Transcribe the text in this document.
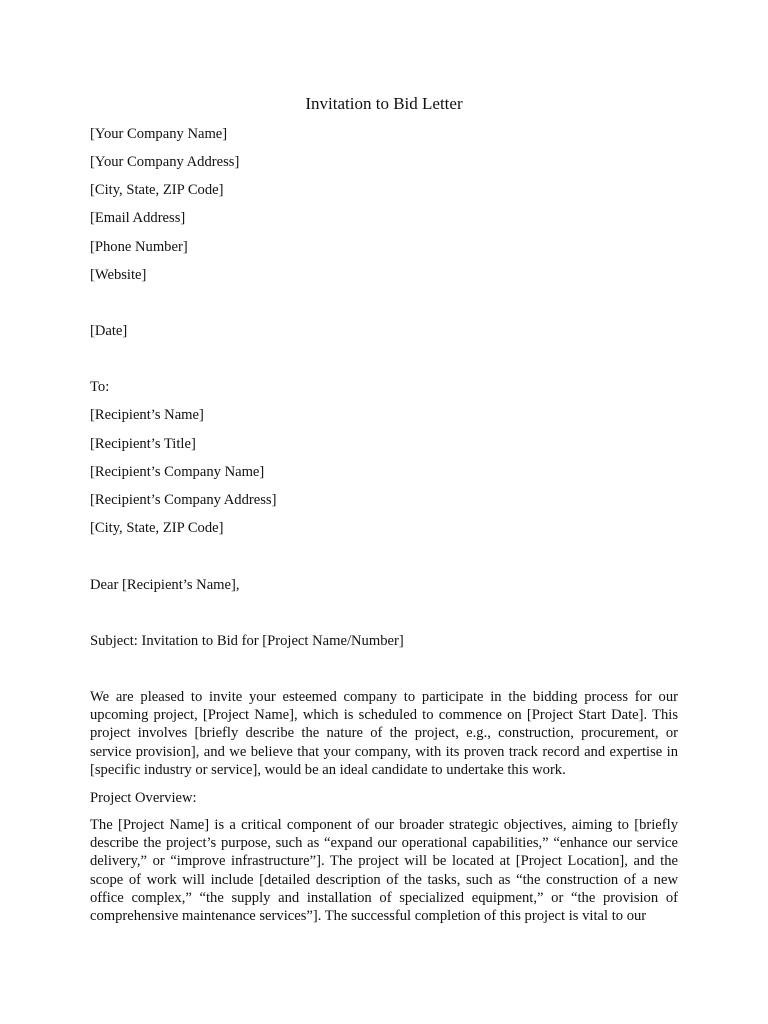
Invitation to Bid Letter
[Your Company Name]
[Your Company Address]
[City, State, ZIP Code]
[Email Address]
[Phone Number]
[Website]
[Date]
To:
[Recipient’s Name]
[Recipient’s Title]
[Recipient’s Company Name]
[Recipient’s Company Address]
[City, State, ZIP Code]
Dear [Recipient’s Name],
Subject: Invitation to Bid for [Project Name/Number]
We are pleased to invite your esteemed company to participate in the bidding process for our upcoming project, [Project Name], which is scheduled to commence on [Project Start Date]. This project involves [briefly describe the nature of the project, e.g., construction, procurement, or service provision], and we believe that your company, with its proven track record and expertise in [specific industry or service], would be an ideal candidate to undertake this work.
Project Overview:
The [Project Name] is a critical component of our broader strategic objectives, aiming to [briefly describe the project’s purpose, such as “expand our operational capabilities,” “enhance our service delivery,” or “improve infrastructure”]. The project will be located at [Project Location], and the scope of work will include [detailed description of the tasks, such as “the construction of a new office complex,” “the supply and installation of specialized equipment,” or “the provision of comprehensive maintenance services”]. The successful completion of this project is vital to our
